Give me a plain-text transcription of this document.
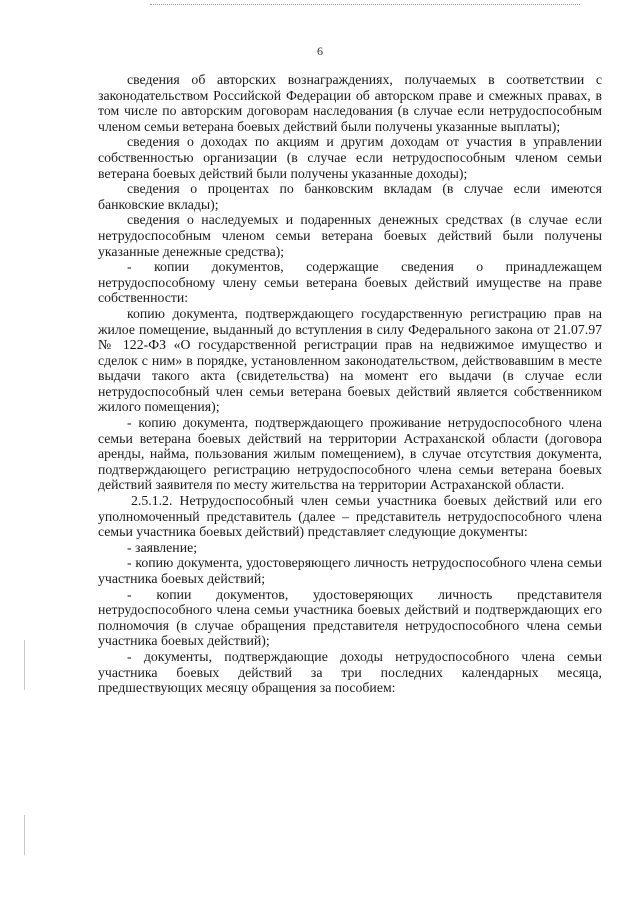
6

сведения об авторских вознаграждениях, получаемых в соответствии с законодательством Российской Федерации об авторском праве и смежных правах, в том числе по авторским договорам наследования (в случае если нетрудоспособным членом семьи ветерана боевых действий были получены указанные выплаты);

сведения о доходах по акциям и другим доходам от участия в управлении собственностью организации (в случае если нетрудоспособным членом семьи ветерана боевых действий были получены указанные доходы);

сведения о процентах по банковским вкладам (в случае если имеются банковские вклады);

сведения о наследуемых и подаренных денежных средствах (в случае если нетрудоспособным членом семьи ветерана боевых действий были получены указанные денежные средства);

- копии документов, содержащие сведения о принадлежащем нетрудоспособному члену семьи ветерана боевых действий имуществе на праве собственности:

копию документа, подтверждающего государственную регистрацию прав на жилое помещение, выданный до вступления в силу Федерального закона от 21.07.97 № 122-ФЗ «О государственной регистрации прав на недвижимое имущество и сделок с ним» в порядке, установленном законодательством, действовавшим в месте выдачи такого акта (свидетельства) на момент его выдачи (в случае если нетрудоспособный член семьи ветерана боевых действий является собственником жилого помещения);

- копию документа, подтверждающего проживание нетрудоспособного члена семьи ветерана боевых действий на территории Астраханской области (договора аренды, найма, пользования жилым помещением), в случае отсутствия документа, подтверждающего регистрацию нетрудоспособного члена семьи ветерана боевых действий заявителя по месту жительства на территории Астраханской области.

2.5.1.2. Нетрудоспособный член семьи участника боевых действий или его уполномоченный представитель (далее – представитель нетрудоспособного члена семьи участника боевых действий) представляет следующие документы:

- заявление;

- копию документа, удостоверяющего личность нетрудоспособного члена семьи участника боевых действий;

- копии документов, удостоверяющих личность представителя нетрудоспособного члена семьи участника боевых действий и подтверждающих его полномочия (в случае обращения представителя нетрудоспособного члена семьи участника боевых действий);

- документы, подтверждающие доходы нетрудоспособного члена семьи участника боевых действий за три последних календарных месяца, предшествующих месяцу обращения за пособием:
